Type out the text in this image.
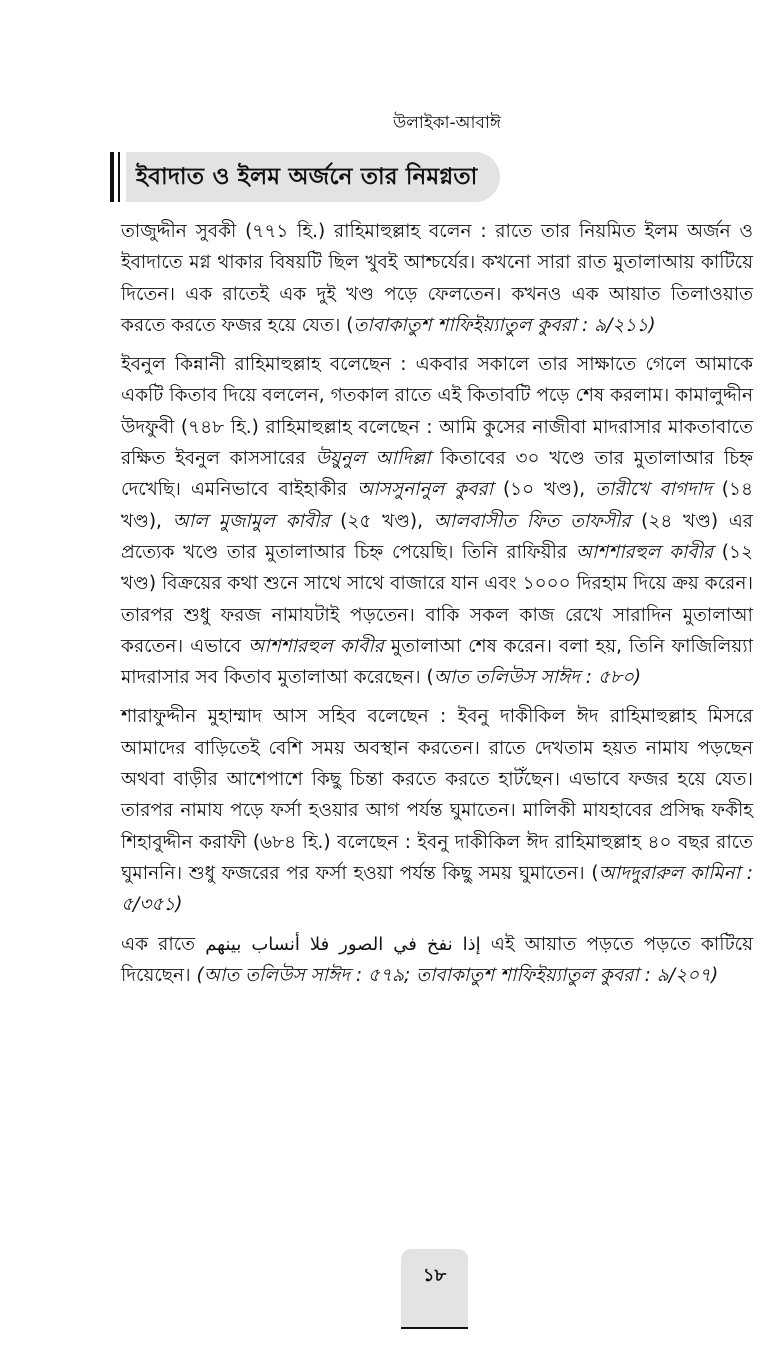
উলাইকা-আবাঈ
ইবাদাত ও ইলম অর্জনে তার নিমগ্নতা

তাজুদ্দীন সুবকী (৭৭১ হি.) রাহিমাহুল্লাহ বলেন : রাতে তার নিয়মিত ইলম অর্জন ও ইবাদাতে মগ্ন থাকার বিষয়টি ছিল খুবই আশ্চর্যের। কখনো সারা রাত মুতালাআয় কাটিয়ে দিতেন। এক রাতেই এক দুই খণ্ড পড়ে ফেলতেন। কখনও এক আয়াত তিলাওয়াত করতে করতে ফজর হয়ে যেত। (তাবাকাতুশ শাফিইয়্যাতুল কুবরা : ৯/২১১)

ইবনুল কিন্নানী রাহিমাহুল্লাহ বলেছেন : একবার সকালে তার সাক্ষাতে গেলে আমাকে একটি কিতাব দিয়ে বললেন, গতকাল রাতে এই কিতাবটি পড়ে শেষ করলাম। কামালুদ্দীন উদফুবী (৭৪৮ হি.) রাহিমাহুল্লাহ বলেছেন : আমি কুসের নাজীবা মাদরাসার মাকতাবাতে রক্ষিত ইবনুল কাসসারের উয়ুনুল আদিল্লা কিতাবের ৩০ খণ্ডে তার মুতালাআর চিহ্ন দেখেছি। এমনিভাবে বাইহাকীর আসসুনানুল কুবরা (১০ খণ্ড), তারীখে বাগদাদ (১৪ খণ্ড), আল মুজামুল কাবীর (২৫ খণ্ড), আলবাসীত ফিত তাফসীর (২৪ খণ্ড) এর প্রত্যেক খণ্ডে তার মুতালাআর চিহ্ন পেয়েছি। তিনি রাফিয়ীর আশশারহুল কাবীর (১২ খণ্ড) বিক্রয়ের কথা শুনে সাথে সাথে বাজারে যান এবং ১০০০ দিরহাম দিয়ে ক্রয় করেন। তারপর শুধু ফরজ নামাযটাই পড়তেন। বাকি সকল কাজ রেখে সারাদিন মুতালাআ করতেন। এভাবে আশশারহুল কাবীর মুতালাআ শেষ করেন। বলা হয়, তিনি ফাজিলিয়্যা মাদরাসার সব কিতাব মুতালাআ করেছেন। (আত তলিউস সাঈদ : ৫৮০)

শারাফুদ্দীন মুহাম্মাদ আস সহিব বলেছেন : ইবনু দাকীকিল ঈদ রাহিমাহুল্লাহ মিসরে আমাদের বাড়িতেই বেশি সময় অবস্থান করতেন। রাতে দেখতাম হয়ত নামায পড়ছেন অথবা বাড়ীর আশেপাশে কিছু চিন্তা করতে করতে হাটঁছেন। এভাবে ফজর হয়ে যেত। তারপর নামায পড়ে ফর্সা হওয়ার আগ পর্যন্ত ঘুমাতেন। মালিকী মাযহাবের প্রসিদ্ধ ফকীহ শিহাবুদ্দীন করাফী (৬৮৪ হি.) বলেছেন : ইবনু দাকীকিল ঈদ রাহিমাহুল্লাহ ৪০ বছর রাতে ঘুমাননি। শুধু ফজরের পর ফর্সা হওয়া পর্যন্ত কিছু সময় ঘুমাতেন। (আদদুরারুল কামিনা : ৫/৩৫১)

এক রাতে إذا نفخ في الصور فلا أنساب بينهم এই আয়াত পড়তে পড়তে কাটিয়ে দিয়েছেন। (আত তলিউস সাঈদ : ৫৭৯; তাবাকাতুশ শাফিইয়্যাতুল কুবরা : ৯/২০৭)

১৮
